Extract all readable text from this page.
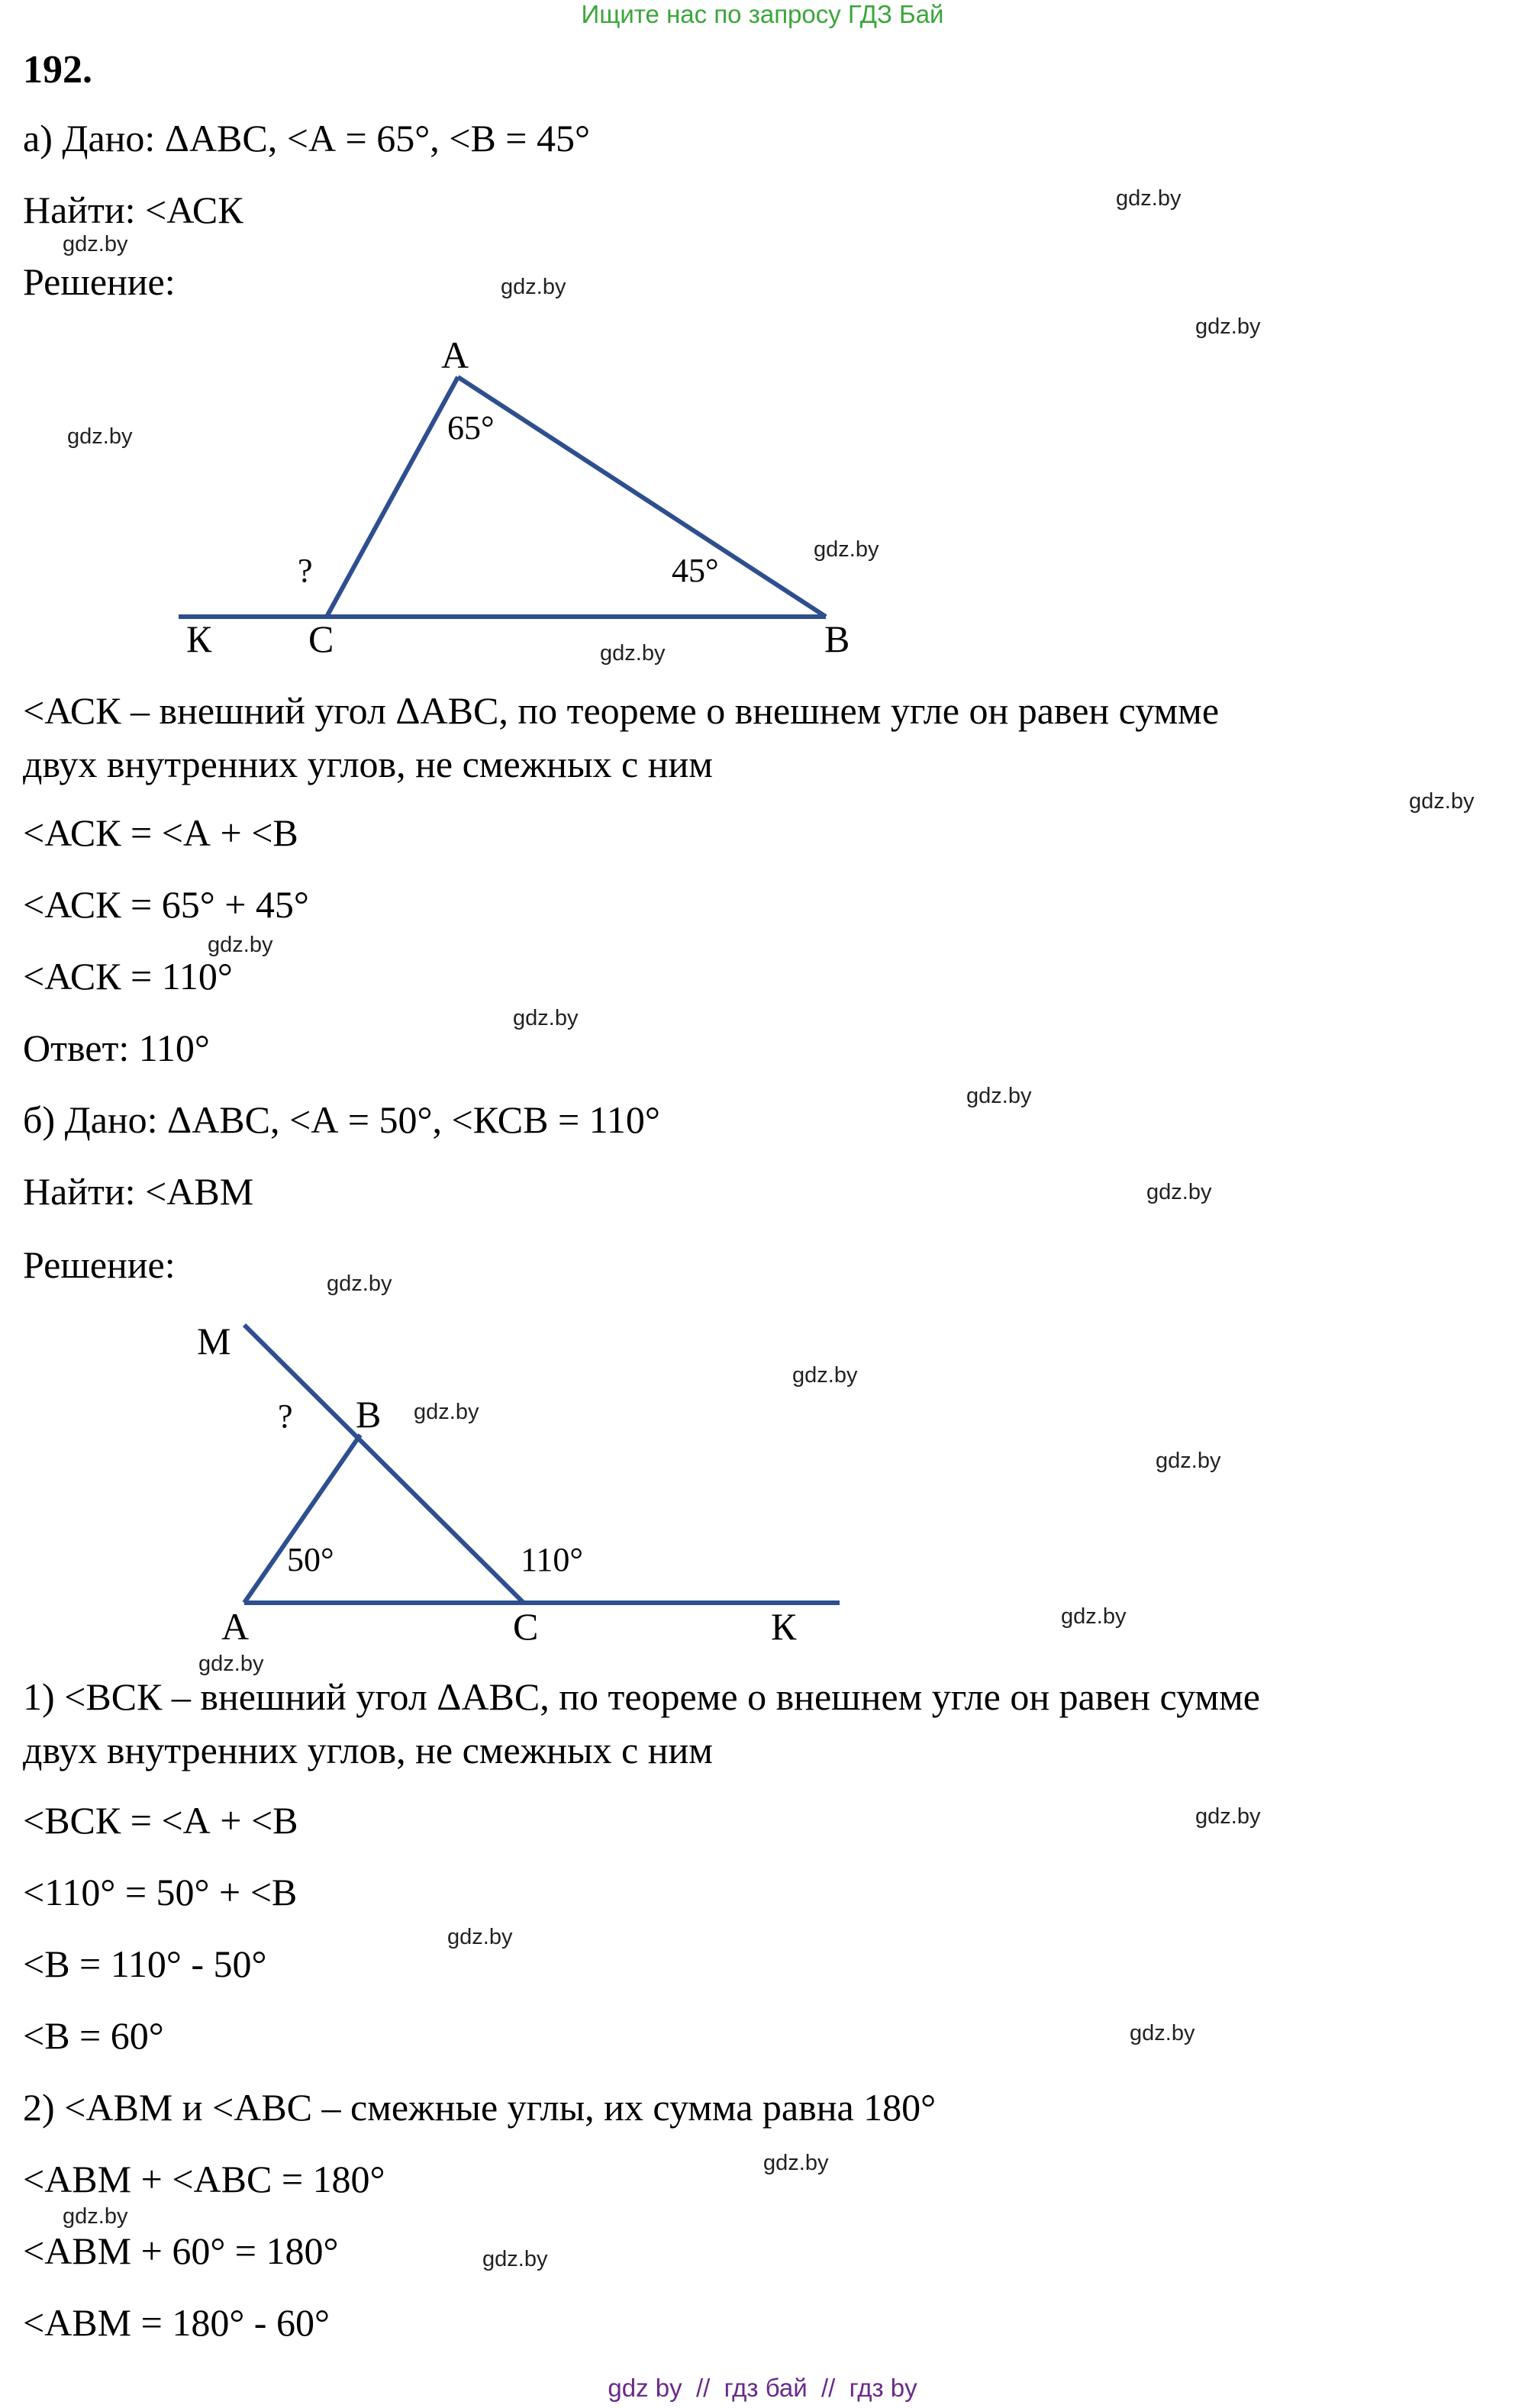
Ищите нас по запросу ГДЗ Бай
192.
а) Дано: ΔАВС, <А = 65°, <В = 45°
Найти: <АСК
Решение:
А
65°
45°
?
К	С	В
М
? В
50°	110°
А	С	К
<АСК – внешний угол ΔАВС, по теореме о внешнем угле он равен сумме
двух внутренних углов, не смежных с ним
<АСК = <А + <В
<АСК = 65° + 45°
<АСК = 110°
Ответ: 110°
б) Дано: ΔАВС, <А = 50°, <КСВ = 110°
Найти: <АВМ
Решение:
1) <ВСК – внешний угол ΔАВС, по теореме о внешнем угле он равен сумме
двух внутренних углов, не смежных с ним
<ВСК = <А + <В
<110° = 50° + <В
<В = 110° - 50°
<В = 60°
2) <АВМ и <АВС – смежные углы, их сумма равна 180°
<АВМ + <АВС = 180°
<АВМ + 60° = 180°
<АВМ = 180° - 60°
gdz.by
gdz.by
gdz.by
gdz.by
gdz.by
gdz.by
gdz.by
gdz.by
gdz.by
gdz.by
gdz.by
gdz.by
gdz.by
gdz.by
gdz.by
gdz.by
gdz.by
gdz.by
gdz.by
gdz.by
gdz.by
gdz.by
gdz.by
gdz.by
gdz by  //  гдз бай  //  гдз by
